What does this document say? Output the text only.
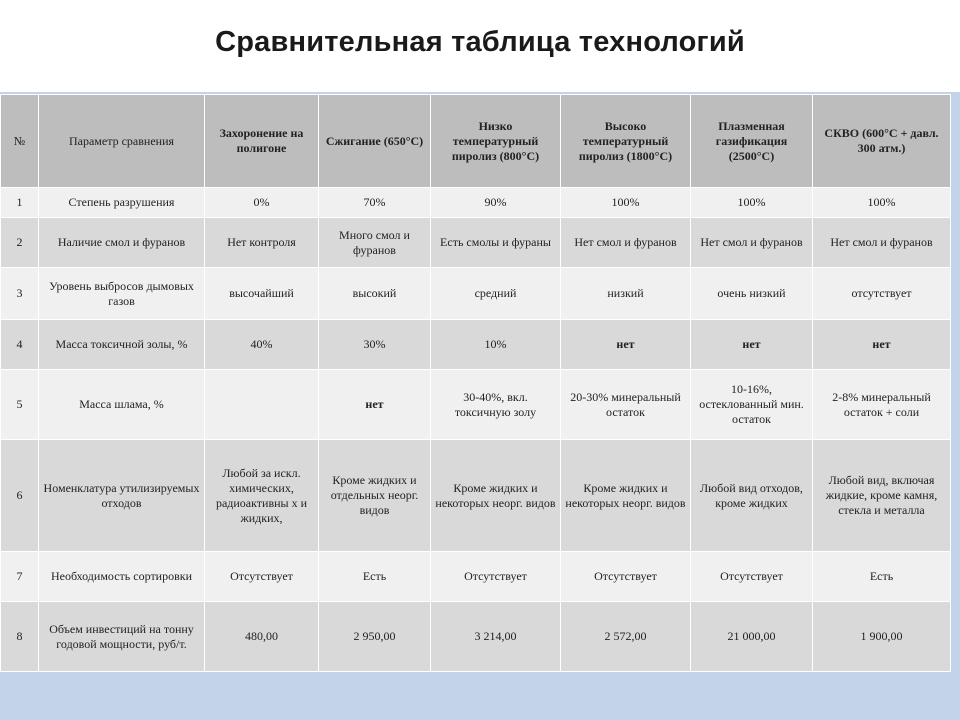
Сравнительная таблица технологий
№	Параметр сравнения	Захоронение на полигоне	Сжигание (650°С)	Низко температурный пиролиз (800°С)	Высоко температурный пиролиз (1800°С)	Плазменная газификация (2500°С)	СКВО (600°С + давл. 300 атм.)
1	Степень разрушения	0%	70%	90%	100%	100%	100%
2	Наличие смол и фуранов	Нет контроля	Много смол и фуранов	Есть смолы и фураны	Нет смол и фуранов	Нет смол и фуранов	Нет смол и фуранов
3	Уровень выбросов дымовых газов	высочайший	высокий	средний	низкий	очень низкий	отсутствует
4	Масса токсичной золы, %	40%	30%	10%	нет	нет	нет
5	Масса шлама, %		нет	30-40%, вкл. токсичную золу	20-30% минеральный остаток	10-16%, остеклованный мин. остаток	2-8% минеральный остаток + соли
6	Номенклатура утилизируемых отходов	Любой за искл. химических, радиоактивны х и жидких,	Кроме жидких и отдельных неорг. видов	Кроме жидких и некоторых неорг. видов	Кроме жидких и некоторых неорг. видов	Любой вид отходов, кроме жидких	Любой вид, включая жидкие, кроме камня, стекла и металла
7	Необходимость сортировки	Отсутствует	Есть	Отсутствует	Отсутствует	Отсутствует	Есть
8	Объем инвестиций на тонну годовой мощности, руб/т.	480,00	2 950,00	3 214,00	2 572,00	21 000,00	1 900,00
